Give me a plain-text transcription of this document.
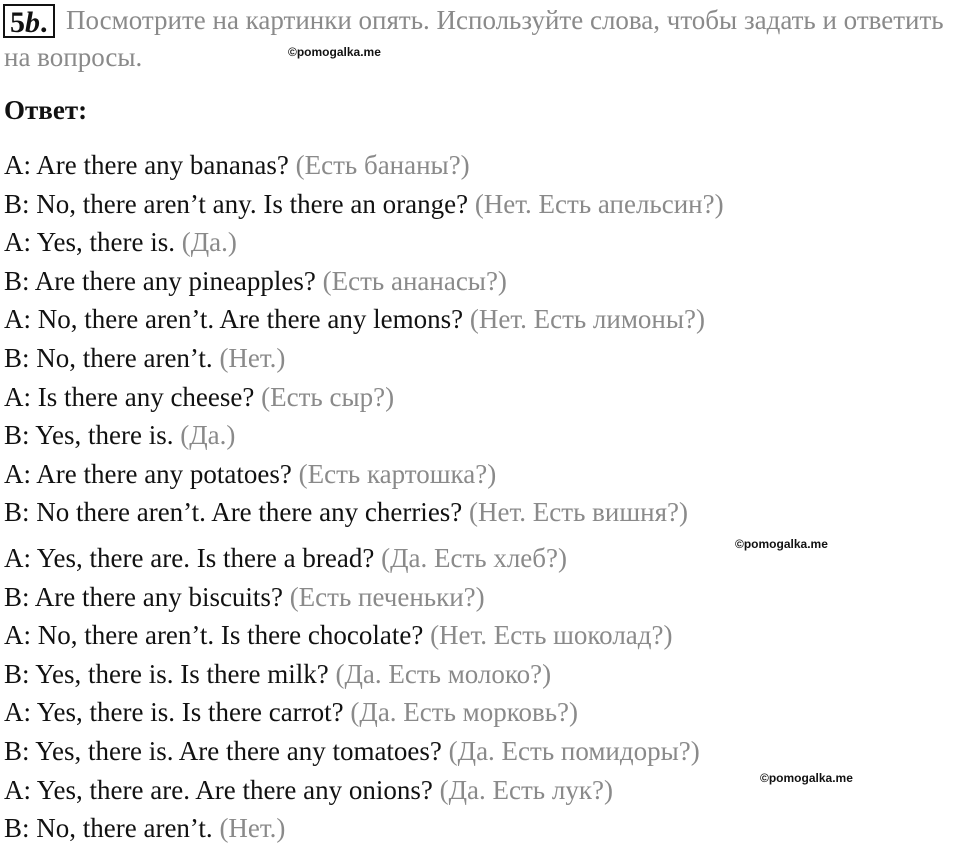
Посмотрите на картинки опять. Используйте слова, чтобы задать и ответить на вопросы.

5b.
©pomogalka.me

Ответ:

A: Are there any bananas? (Есть бананы?)
B: No, there aren’t any. Is there an orange? (Нет. Есть апельсин?)
A: Yes, there is. (Да.)
B: Are there any pineapples? (Есть ананасы?)
A: No, there aren’t. Are there any lemons? (Нет. Есть лимоны?)
B: No, there aren’t. (Нет.)
A: Is there any cheese? (Есть сыр?)
B: Yes, there is. (Да.)
A: Are there any potatoes? (Есть картошка?)
B: No there aren’t. Are there any cherries? (Нет. Есть вишня?)
A: Yes, there are. Is there a bread? (Да. Есть хлеб?)
B: Are there any biscuits? (Есть печеньки?)
A: No, there aren’t. Is there chocolate? (Нет. Есть шоколад?)
B: Yes, there is. Is there milk? (Да. Есть молоко?)
A: Yes, there is. Is there carrot? (Да. Есть морковь?)
B: Yes, there is. Are there any tomatoes? (Да. Есть помидоры?)
A: Yes, there are. Are there any onions? (Да. Есть лук?)
B: No, there aren’t. (Нет.)
©pomogalka.me
©pomogalka.me
